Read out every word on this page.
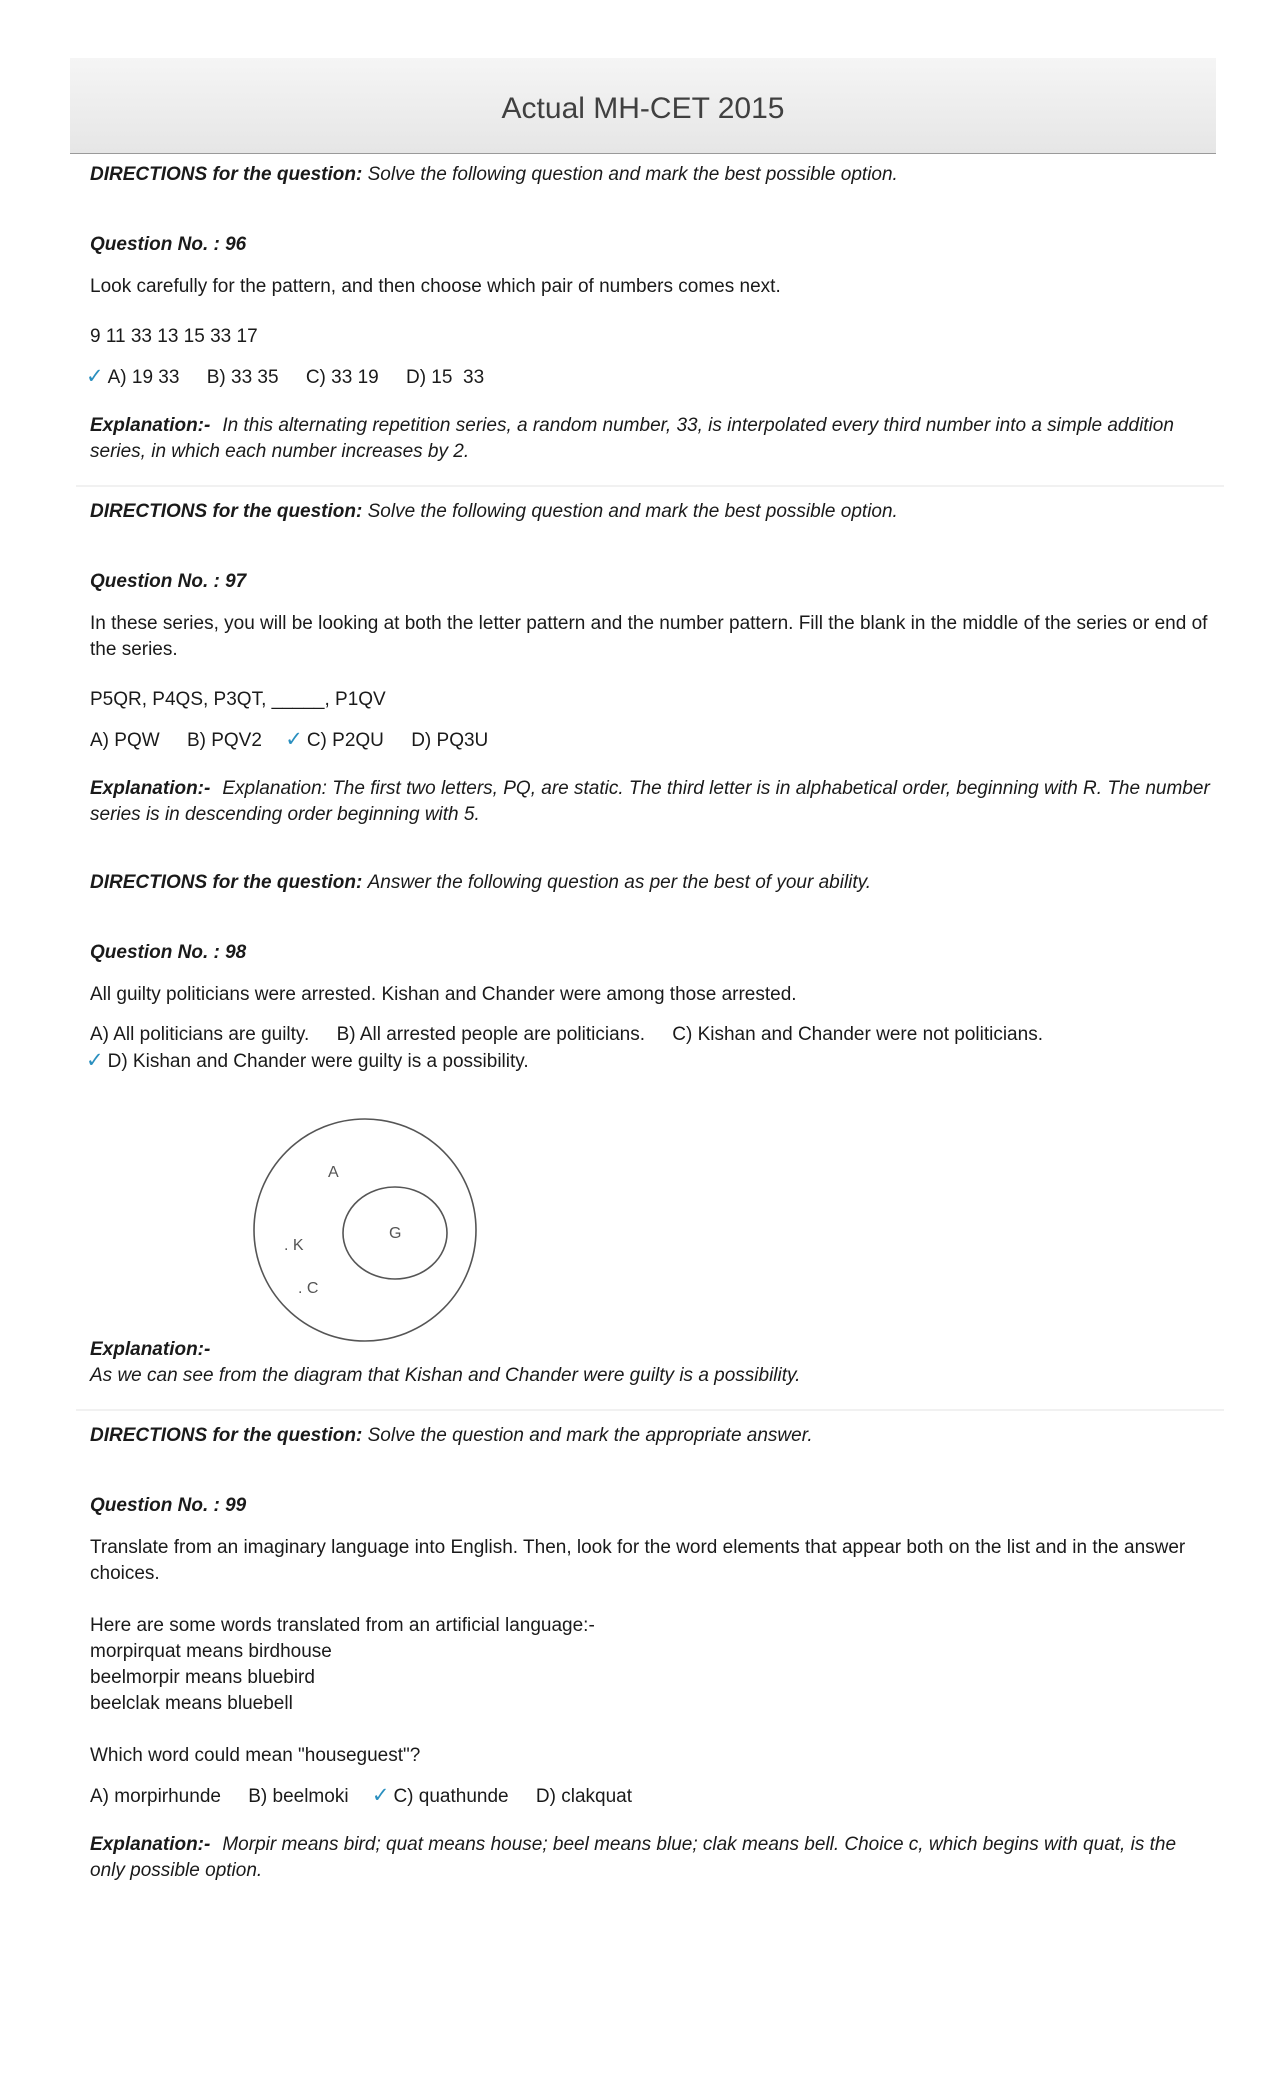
Actual MH-CET 2015

DIRECTIONS for the question: Solve the following question and mark the best possible option.

Question No. : 96

Look carefully for the pattern, and then choose which pair of numbers comes next.

9 11 33 13 15 33 17

✓ A) 19 33 B) 33 35 C) 33 19 D) 15  33

Explanation:- In this alternating repetition series, a random number, 33, is interpolated every third number into a simple addition series, in which each number increases by 2.

DIRECTIONS for the question: Solve the following question and mark the best possible option.

Question No. : 97

In these series, you will be looking at both the letter pattern and the number pattern. Fill the blank in the middle of the series or end of the series.

P5QR, P4QS, P3QT, _____, P1QV

A) PQW B) PQV2 ✓ C) P2QU D) PQ3U

Explanation:- Explanation: The first two letters, PQ, are static. The third letter is in alphabetical order, beginning with R. The number series is in descending order beginning with 5.

DIRECTIONS for the question: Answer the following question as per the best of your ability.

Question No. : 98

All guilty politicians were arrested. Kishan and Chander were among those arrested.

A) All politicians are guilty. B) All arrested people are politicians. C) Kishan and Chander were not politicians.
✓ D) Kishan and Chander were guilty is a possibility.

A
G
. K
. C

Explanation:-

As we can see from the diagram that Kishan and Chander were guilty is a possibility.

DIRECTIONS for the question: Solve the question and mark the appropriate answer.

Question No. : 99

Translate from an imaginary language into English. Then, look for the word elements that appear both on the list and in the answer choices.

Here are some words translated from an artificial language:-

morpirquat means birdhouse

beelmorpir means bluebird

beelclak means bluebell

Which word could mean "houseguest"?

A) morpirhunde B) beelmoki ✓ C) quathunde D) clakquat

Explanation:- Morpir means bird; quat means house; beel means blue; clak means bell. Choice c, which begins with quat, is the only possible option.
